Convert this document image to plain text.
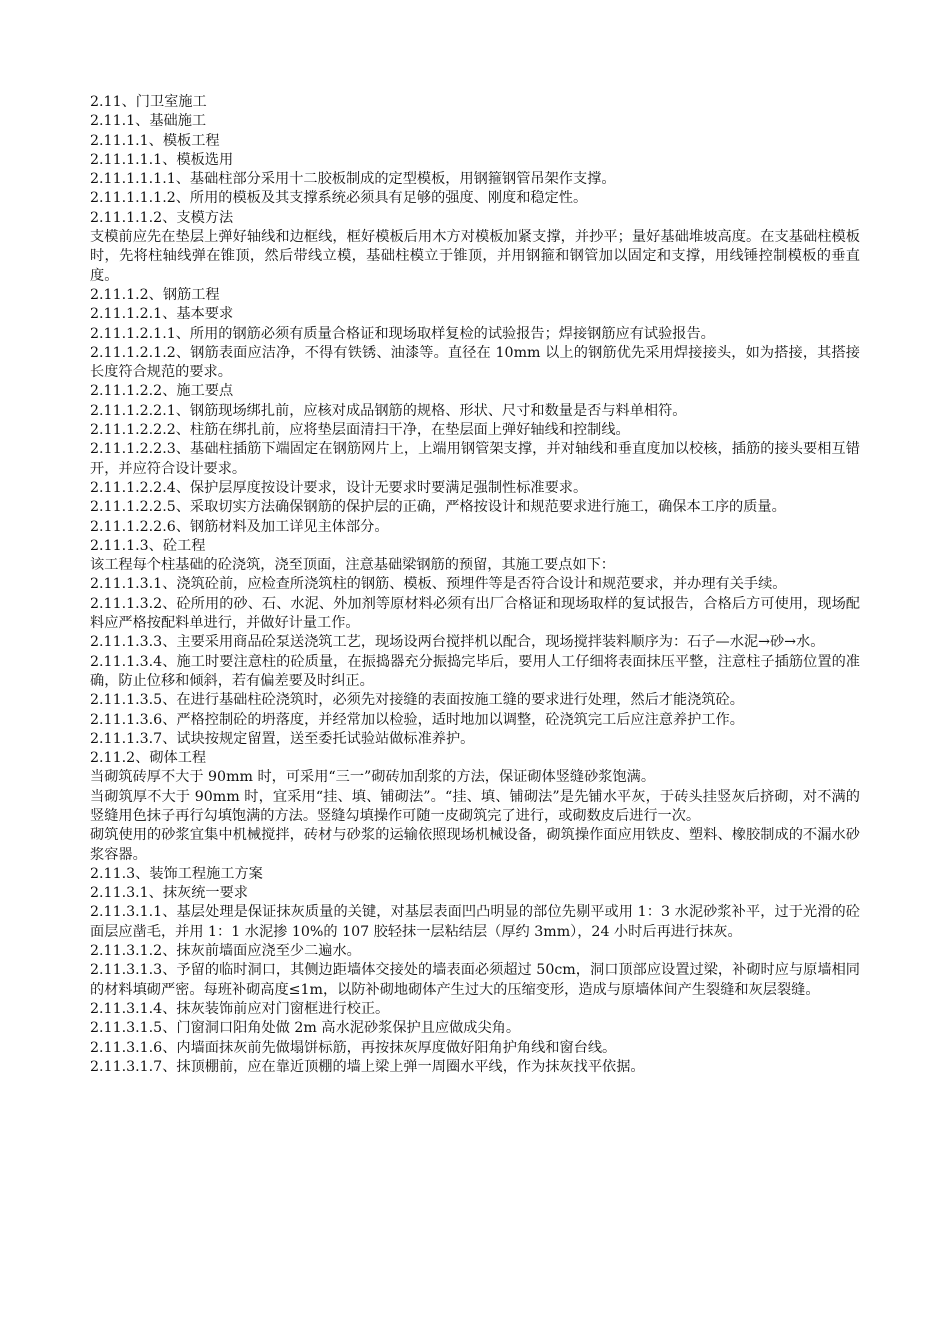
2.11、门卫室施工

2.11.1、基础施工

2.11.1.1、模板工程

2.11.1.1.1、模板选用

2.11.1.1.1.1、基础柱部分采用十二胶板制成的定型模板，用钢箍钢管吊架作支撑。

2.11.1.1.1.2、所用的模板及其支撑系统必须具有足够的强度、刚度和稳定性。

2.11.1.1.2、支模方法

支模前应先在垫层上弹好轴线和边框线，框好模板后用木方对模板加紧支撑，并抄平；量好基础堆坡高度。在支基础柱模板时，先将柱轴线弹在锥顶，然后带线立模，基础柱模立于锥顶，并用钢箍和钢管加以固定和支撑，用线锤控制模板的垂直度。

2.11.1.2、钢筋工程

2.11.1.2.1、基本要求

2.11.1.2.1.1、所用的钢筋必须有质量合格证和现场取样复检的试验报告；焊接钢筋应有试验报告。

2.11.1.2.1.2、钢筋表面应洁净，不得有铁锈、油漆等。直径在 10mm 以上的钢筋优先采用焊接接头，如为搭接，其搭接长度符合规范的要求。

2.11.1.2.2、施工要点

2.11.1.2.2.1、钢筋现场绑扎前，应核对成品钢筋的规格、形状、尺寸和数量是否与料单相符。

2.11.1.2.2.2、柱筋在绑扎前，应将垫层面清扫干净，在垫层面上弹好轴线和控制线。

2.11.1.2.2.3、基础柱插筋下端固定在钢筋网片上，上端用钢管架支撑，并对轴线和垂直度加以校核，插筋的接头要相互错开，并应符合设计要求。

2.11.1.2.2.4、保护层厚度按设计要求，设计无要求时要满足强制性标准要求。

2.11.1.2.2.5、采取切实方法确保钢筋的保护层的正确，严格按设计和规范要求进行施工，确保本工序的质量。

2.11.1.2.2.6、钢筋材料及加工详见主体部分。

2.11.1.3、砼工程

该工程每个柱基础的砼浇筑，浇至顶面，注意基础梁钢筋的预留，其施工要点如下：

2.11.1.3.1、浇筑砼前，应检查所浇筑柱的钢筋、模板、预埋件等是否符合设计和规范要求，并办理有关手续。

2.11.1.3.2、砼所用的砂、石、水泥、外加剂等原材料必须有出厂合格证和现场取样的复试报告，合格后方可使用，现场配料应严格按配料单进行，并做好计量工作。

2.11.1.3.3、主要采用商品砼泵送浇筑工艺，现场设两台搅拌机以配合，现场搅拌装料顺序为：石子—水泥→砂→水。

2.11.1.3.4、施工时要注意柱的砼质量，在振捣器充分振捣完毕后，要用人工仔细将表面抹压平整，注意柱子插筋位置的准确，防止位移和倾斜，若有偏差要及时纠正。

2.11.1.3.5、在进行基础柱砼浇筑时，必须先对接缝的表面按施工缝的要求进行处理，然后才能浇筑砼。

2.11.1.3.6、严格控制砼的坍落度，并经常加以检验，适时地加以调整，砼浇筑完工后应注意养护工作。

2.11.1.3.7、试块按规定留置，送至委托试验站做标准养护。

2.11.2、砌体工程

当砌筑砖厚不大于 90mm 时，可采用“三一”砌砖加刮浆的方法，保证砌体竖缝砂浆饱满。

当砌筑厚不大于 90mm 时，宜采用“挂、填、铺砌法”。“挂、填、铺砌法”是先铺水平灰，于砖头挂竖灰后挤砌，对不满的竖缝用色抹子再行勾填饱满的方法。竖缝勾填操作可随一皮砌筑完了进行，或砌数皮后进行一次。

砌筑使用的砂浆宜集中机械搅拌，砖材与砂浆的运输依照现场机械设备，砌筑操作面应用铁皮、塑料、橡胶制成的不漏水砂浆容器。

2.11.3、装饰工程施工方案

2.11.3.1、抹灰统一要求

2.11.3.1.1、基层处理是保证抹灰质量的关键，对基层表面凹凸明显的部位先剔平或用 1：3 水泥砂浆补平，过于光滑的砼面层应凿毛，并用 1：1 水泥掺 10%的 107 胶轻抹一层粘结层（厚约 3mm），24 小时后再进行抹灰。

2.11.3.1.2、抹灰前墙面应浇至少二遍水。

2.11.3.1.3、予留的临时洞口，其侧边距墙体交接处的墙表面必须超过 50cm，洞口顶部应设置过梁，补砌时应与原墙相同的材料填砌严密。每班补砌高度≤1m，以防补砌地砌体产生过大的压缩变形，造成与原墙体间产生裂缝和灰层裂缝。

2.11.3.1.4、抹灰装饰前应对门窗框进行校正。

2.11.3.1.5、门窗洞口阳角处做 2m 高水泥砂浆保护且应做成尖角。

2.11.3.1.6、内墙面抹灰前先做塌饼标筋，再按抹灰厚度做好阳角护角线和窗台线。

2.11.3.1.7、抹顶棚前，应在靠近顶棚的墙上梁上弹一周圈水平线，作为抹灰找平依据。
